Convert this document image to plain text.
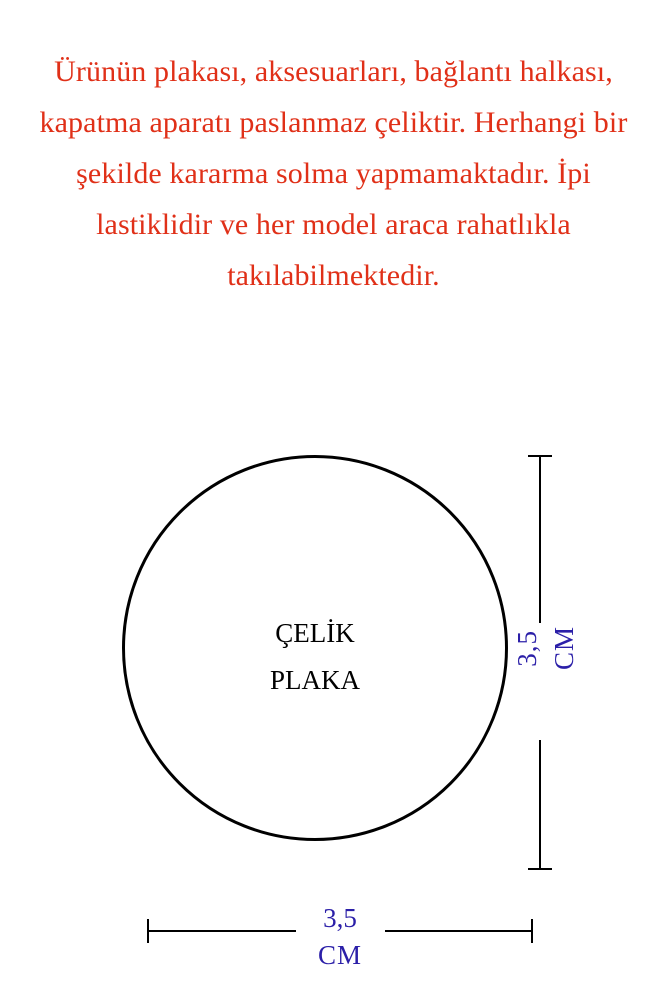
Ürünün plakası, aksesuarları, bağlantı halkası, kapatma aparatı paslanmaz çeliktir. Herhangi bir şekilde kararma solma yapmamaktadır. İpi lastiklidir ve her model araca rahatlıkla takılabilmektedir.
ÇELİK
PLAKA
3,5 CM
3,5
CM
